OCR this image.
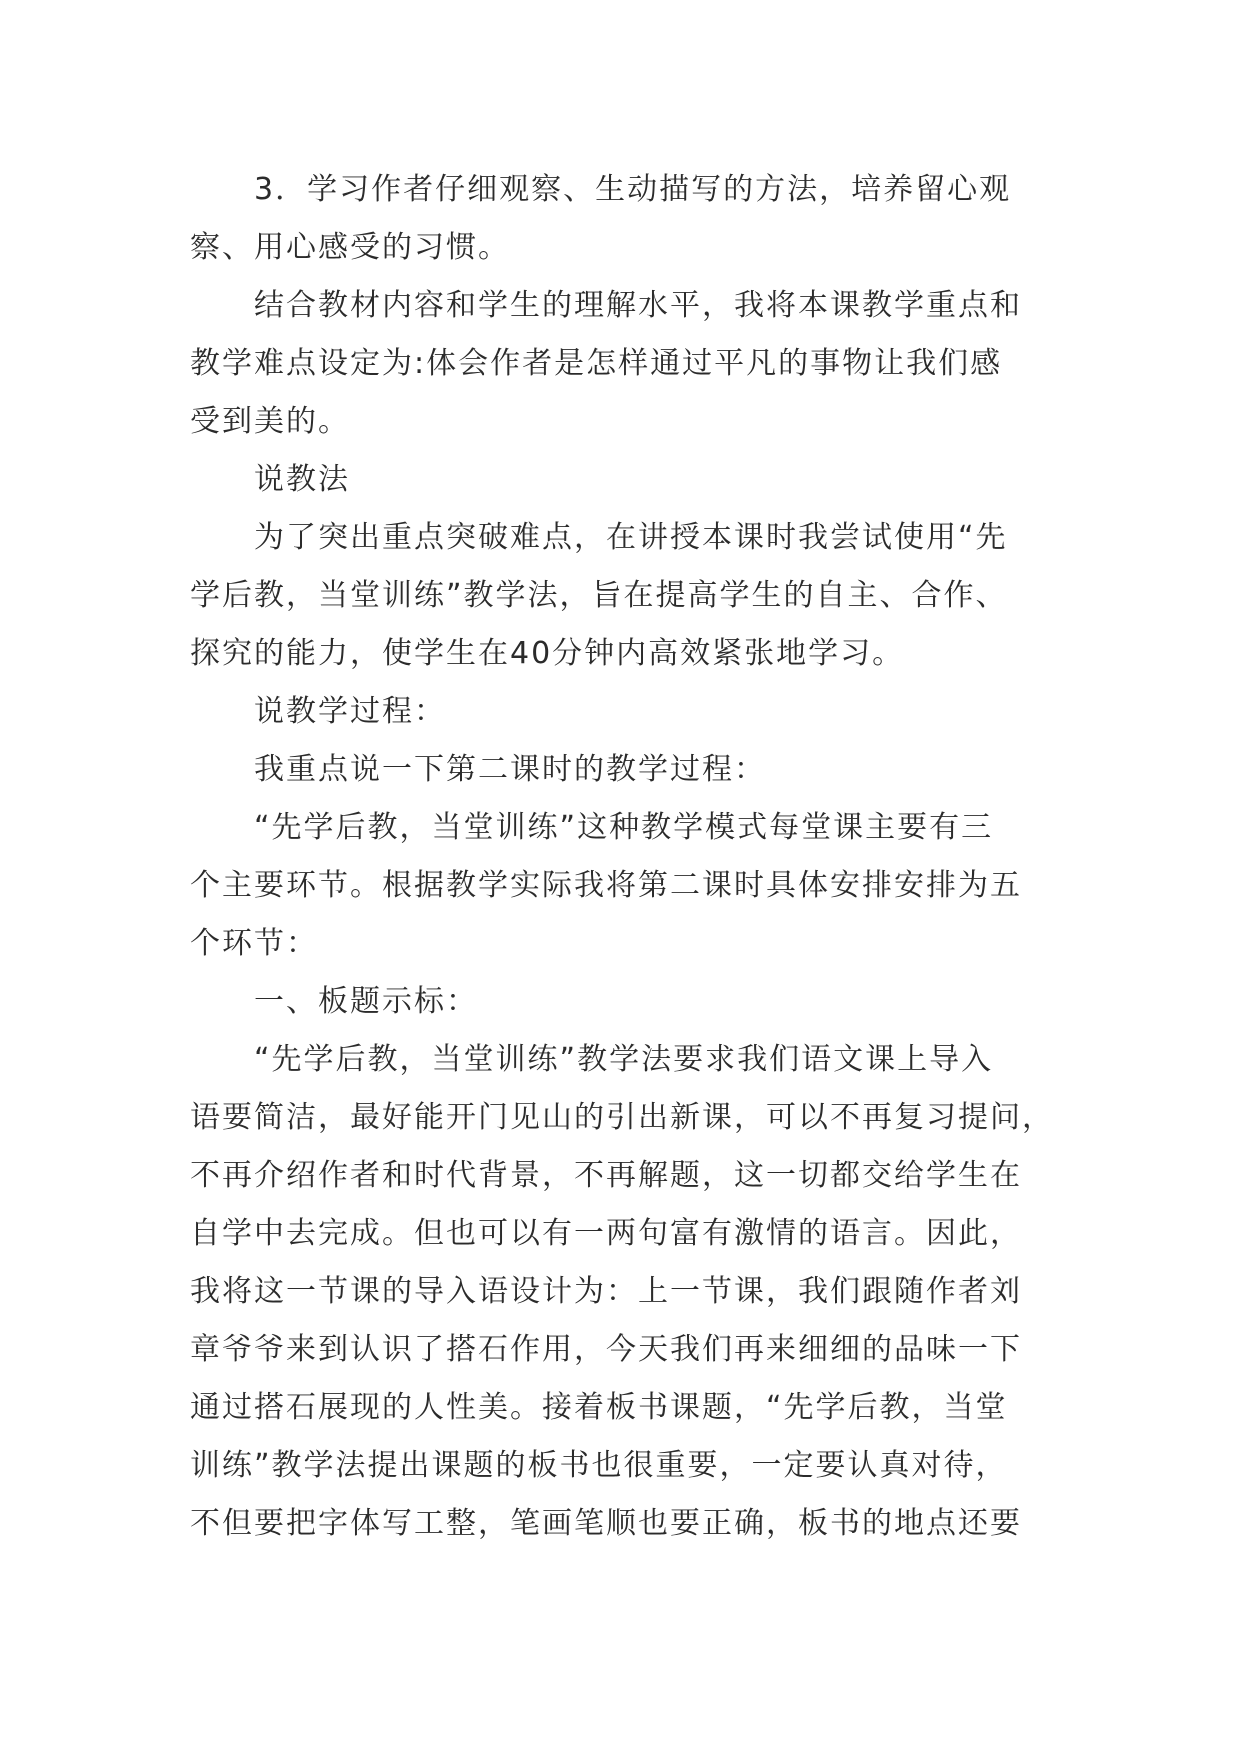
3．学习作者仔细观察、生动描写的方法，培养留心观
察、用心感受的习惯。
结合教材内容和学生的理解水平，我将本课教学重点和
教学难点设定为:体会作者是怎样通过平凡的事物让我们感
受到美的。
说教法
为了突出重点突破难点，在讲授本课时我尝试使用“先
学后教，当堂训练”教学法，旨在提高学生的自主、合作、
探究的能力，使学生在40分钟内高效紧张地学习。
说教学过程：
我重点说一下第二课时的教学过程：
“先学后教，当堂训练”这种教学模式每堂课主要有三
个主要环节。根据教学实际我将第二课时具体安排安排为五
个环节：
一、板题示标：
“先学后教，当堂训练”教学法要求我们语文课上导入
语要简洁，最好能开门见山的引出新课，可以不再复习提问，
不再介绍作者和时代背景，不再解题，这一切都交给学生在
自学中去完成。但也可以有一两句富有激情的语言。因此，
我将这一节课的导入语设计为：上一节课，我们跟随作者刘
章爷爷来到认识了搭石作用，今天我们再来细细的品味一下
通过搭石展现的人性美。接着板书课题，“先学后教，当堂
训练”教学法提出课题的板书也很重要，一定要认真对待，
不但要把字体写工整，笔画笔顺也要正确，板书的地点还要
